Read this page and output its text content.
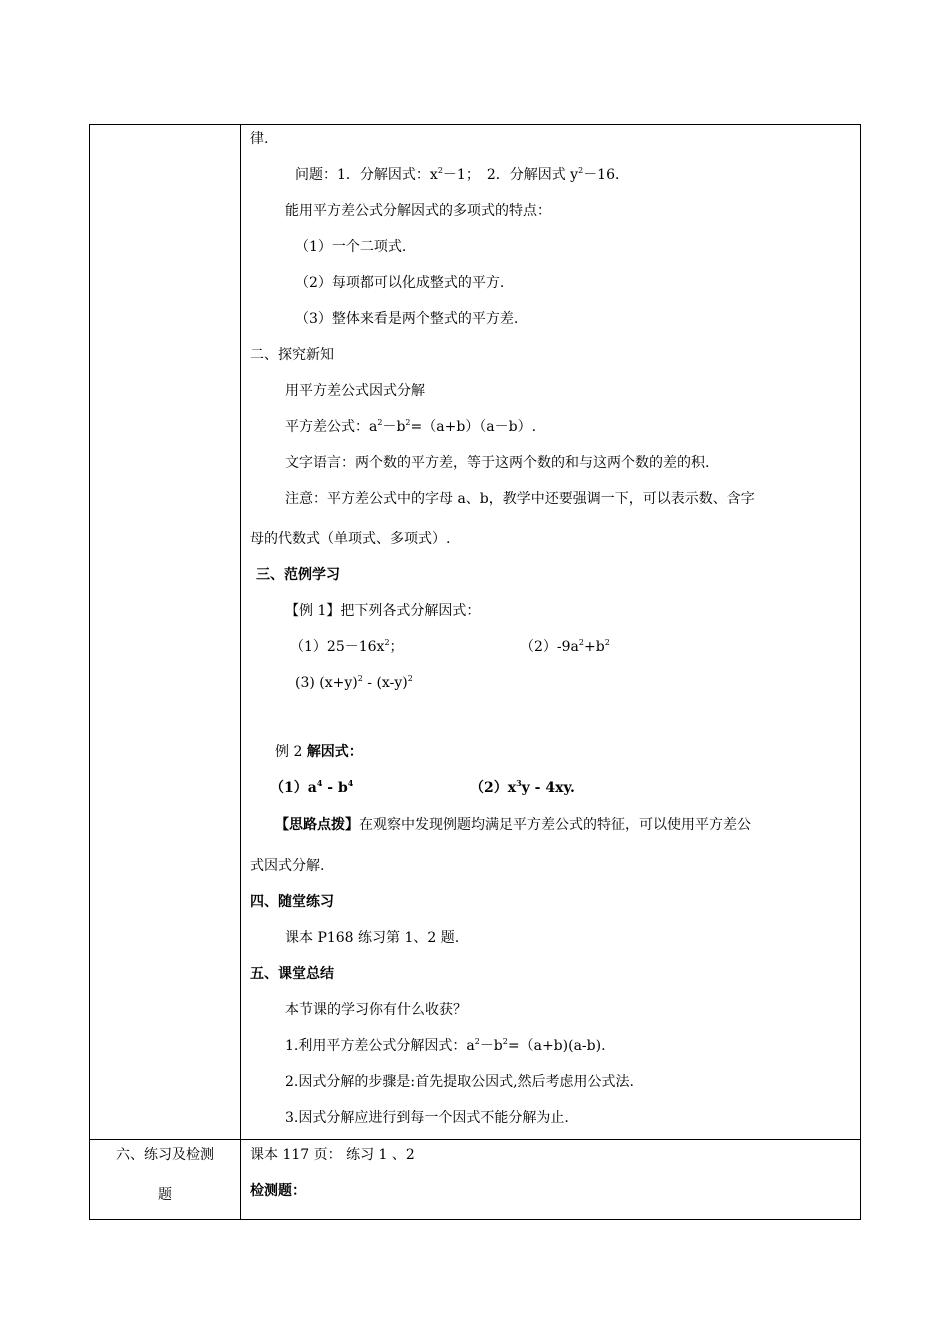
律.
问题：1．分解因式：$x^2-1$；　2．分解因式 $y^2-16$．
能用平方差公式分解因式的多项式的特点：
（1）一个二项式.
（2）每项都可以化成整式的平方.
（3）整体来看是两个整式的平方差.
二、探究新知
用平方差公式因式分解
平方差公式：$a^2-b^2=(a+b)(a-b)$.
文字语言：两个数的平方差，等于这两个数的和与这两个数的差的积.
注意：平方差公式中的字母 a、b，教学中还要强调一下，可以表示数、含字
母的代数式（单项式、多项式）.
三、范例学习
【例 1】把下列各式分解因式：
$(1)25-16x^2$；	$(2)-9a^2+b^2$
(3) $(x+y)^2 - (x-y)^2$
例 2 解因式：
$(1)a^4 - b^4$	$(2)x^3y - 4xy$.
【思路点拨】在观察中发现例题均满足平方差公式的特征，可以使用平方差公
式因式分解.
四、随堂练习
课本 P168 练习第 1、2 题.
五、课堂总结
本节课的学习你有什么收获？
1.利用平方差公式分解因式：$a^2-b^2=(a+b)(a-b)$.
2.因式分解的步骤是:首先提取公因式,然后考虑用公式法.
3.因式分解应进行到每一个因式不能分解为止.
六、练习及检测
题
课本 117 页： 练习 1 、2
检测题：
